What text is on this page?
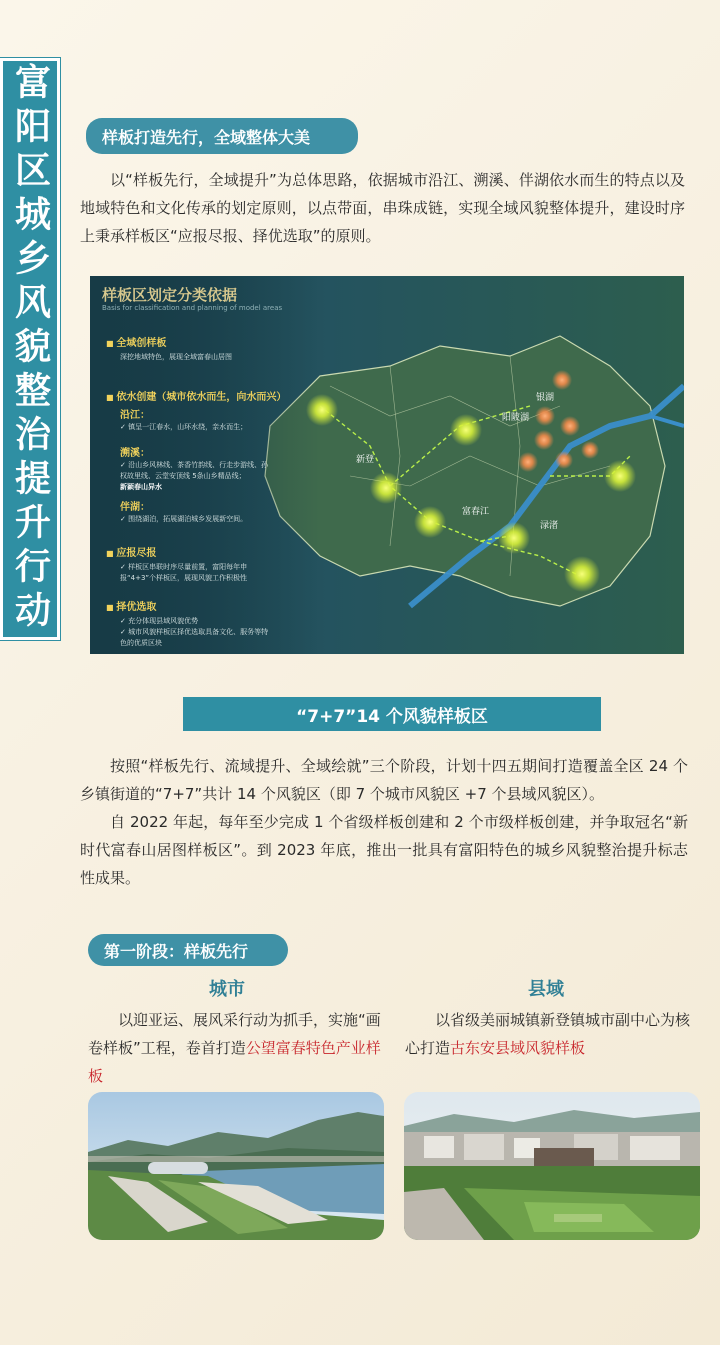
富阳区城乡风貌整治提升行动	样板打造先行，全域整体大美
以“样板先行，全域提升”为总体思路，依据城市沿江、溯溪、伴湖依水而生的特点以及地域特色和文化传承的划定原则，以点带面，串珠成链，实现全域风貌整体提升，建设时序上秉承样板区“应报尽报、择优选取”的原则。
银湖
阳陂湖
富春江
新登
渌渚
样板区划定分类依据
Basis for classification and planning of model areas
■ 全域创样板
深挖地域特色，展现全域富春山居图
■ 依水创建（城市依水而生，向水而兴）
沿江：
✓ 镇呈一江春水，山环水绕，亲水而生；
溯溪：
✓ 沿山乡风林线、茶香竹韵线、行走步游线、孙权故里线、云堂安顶线 5条山乡精品线；
新颖春山异水
伴湖：
✓ 围绕湖泊，拓展湖泊城乡发展新空间。
■ 应报尽报
✓ 样板区串联时序尽量前置，富阳每年申报“4+3”个样板区，展现风貌工作积极性
■ 择优选取
✓ 充分体现县域风貌优势
✓ 城市风貌样板区择优选取具备文化、服务等特色的优质区块
“7+7”14 个风貌样板区

按照“样板先行、流域提升、全域绘就”三个阶段，计划十四五期间打造覆盖全区 24 个乡镇街道的“7+7”共计 14 个风貌区（即 7 个城市风貌区 +7 个县域风貌区）。

自 2022 年起，每年至少完成 1 个省级样板创建和 2 个市级样板创建，并争取冠名“新时代富春山居图样板区”。到 2023 年底，推出一批具有富阳特色的城乡风貌整治提升标志性成果。

第一阶段：样板先行
城市	县域
以迎亚运、展风采行动为抓手，实施“画卷样板”工程，卷首打造公望富春特色产业样板
以省级美丽城镇新登镇城市副中心为核心打造古东安县域风貌样板
